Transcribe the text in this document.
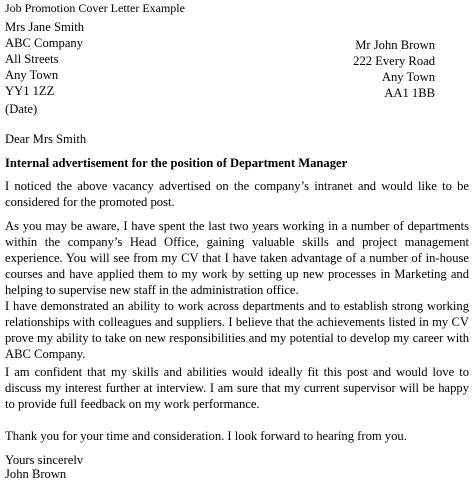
Job Promotion Cover Letter Example
Mrs Jane Smith
ABC Company
All Streets
Any Town
YY1 1ZZ
Mr John Brown
222 Every Road
Any Town
AA1 1BB
(Date)
Dear Mrs Smith
Internal advertisement for the position of Department Manager
I noticed the above vacancy advertised on the company’s intranet and would like to be considered for the promoted post.
As you may be aware, I have spent the last two years working in a number of departments within the company’s Head Office, gaining valuable skills and project management experience. You will see from my CV that I have taken advantage of a number of in-house courses and have applied them to my work by setting up new processes in Marketing and helping to supervise new staff in the administration office.
I have demonstrated an ability to work across departments and to establish strong working relationships with colleagues and suppliers. I believe that the achievements listed in my CV prove my ability to take on new responsibilities and my potential to develop my career with ABC Company.
I am confident that my skills and abilities would ideally fit this post and would love to discuss my interest further at interview. I am sure that my current supervisor will be happy to provide full feedback on my work performance.
Thank you for your time and consideration. I look forward to hearing from you.
Yours sincerelv
John Brown
